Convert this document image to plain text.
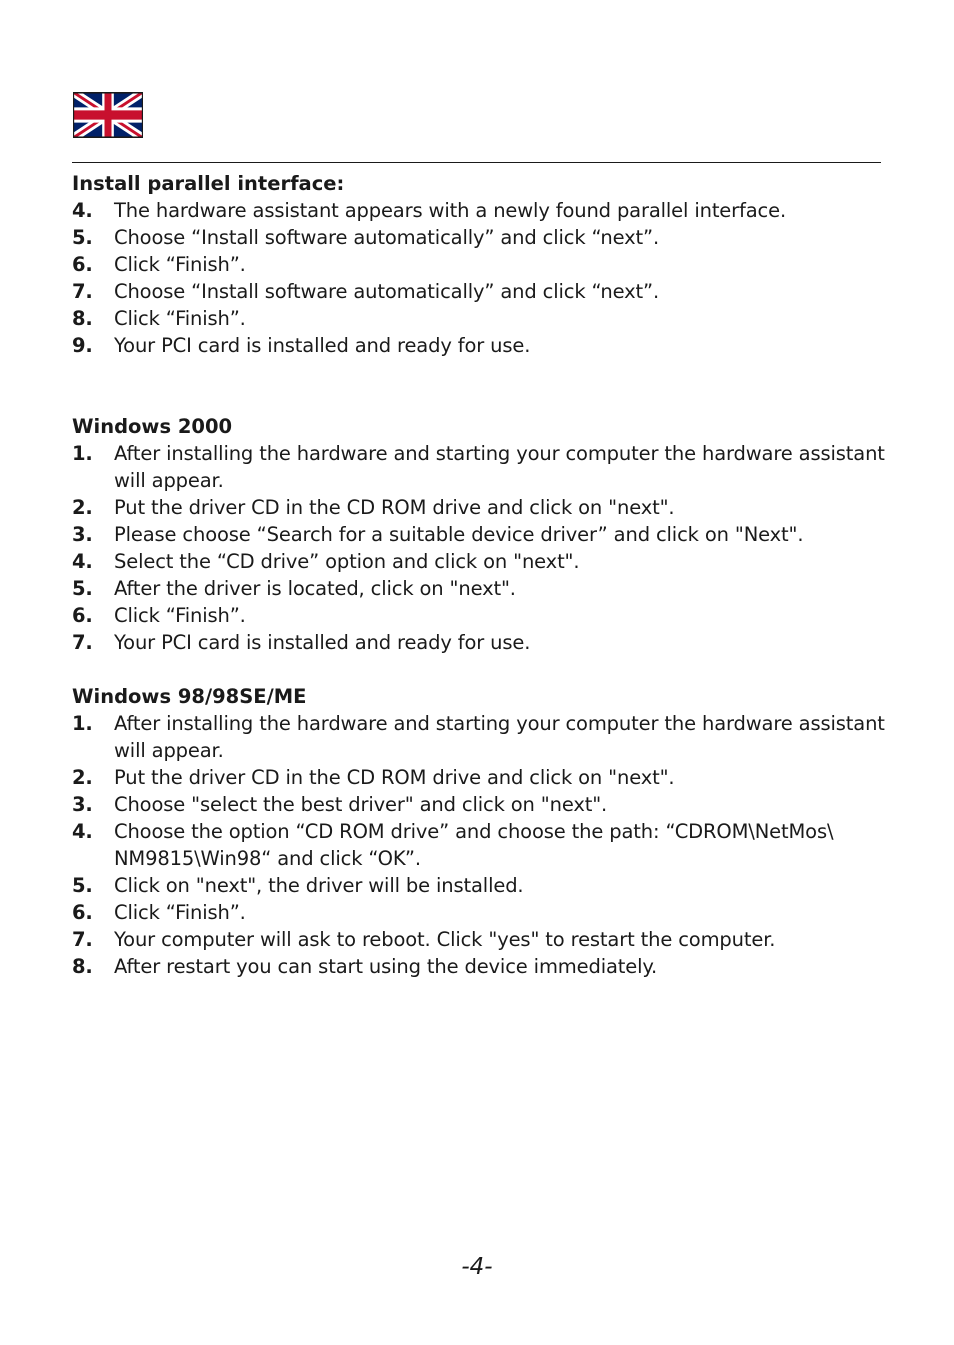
Install parallel interface:
4.	The hardware assistant appears with a newly found parallel interface.
5.	Choose “Install software automatically” and click “next”.
6.	Click “Finish”.
7.	Choose “Install software automatically” and click “next”.
8.	Click “Finish”.
9.	Your PCI card is installed and ready for use.
Windows 2000
1.	After installing the hardware and starting your computer the hardware assistant will appear.
2.	Put the driver CD in the CD ROM drive and click on "next".
3.	Please choose “Search for a suitable device driver” and click on "Next".
4.	Select the “CD drive” option and click on "next".
5.	After the driver is located, click on "next".
6.	Click “Finish”.
7.	Your PCI card is installed and ready for use.
Windows 98/98SE/ME
1.	After installing the hardware and starting your computer the hardware assistant will appear.
2.	Put the driver CD in the CD ROM drive and click on "next".
3.	Choose "select the best driver" and click on "next".
4.	Choose the option “CD ROM drive” and choose the path: “CDROM\NetMos\ NM9815\Win98“ and click “OK”.
5.	Click on "next", the driver will be installed.
6.	Click “Finish”.
7.	Your computer will ask to reboot. Click "yes" to restart the computer.
8.	After restart you can start using the device immediately.
-4-
